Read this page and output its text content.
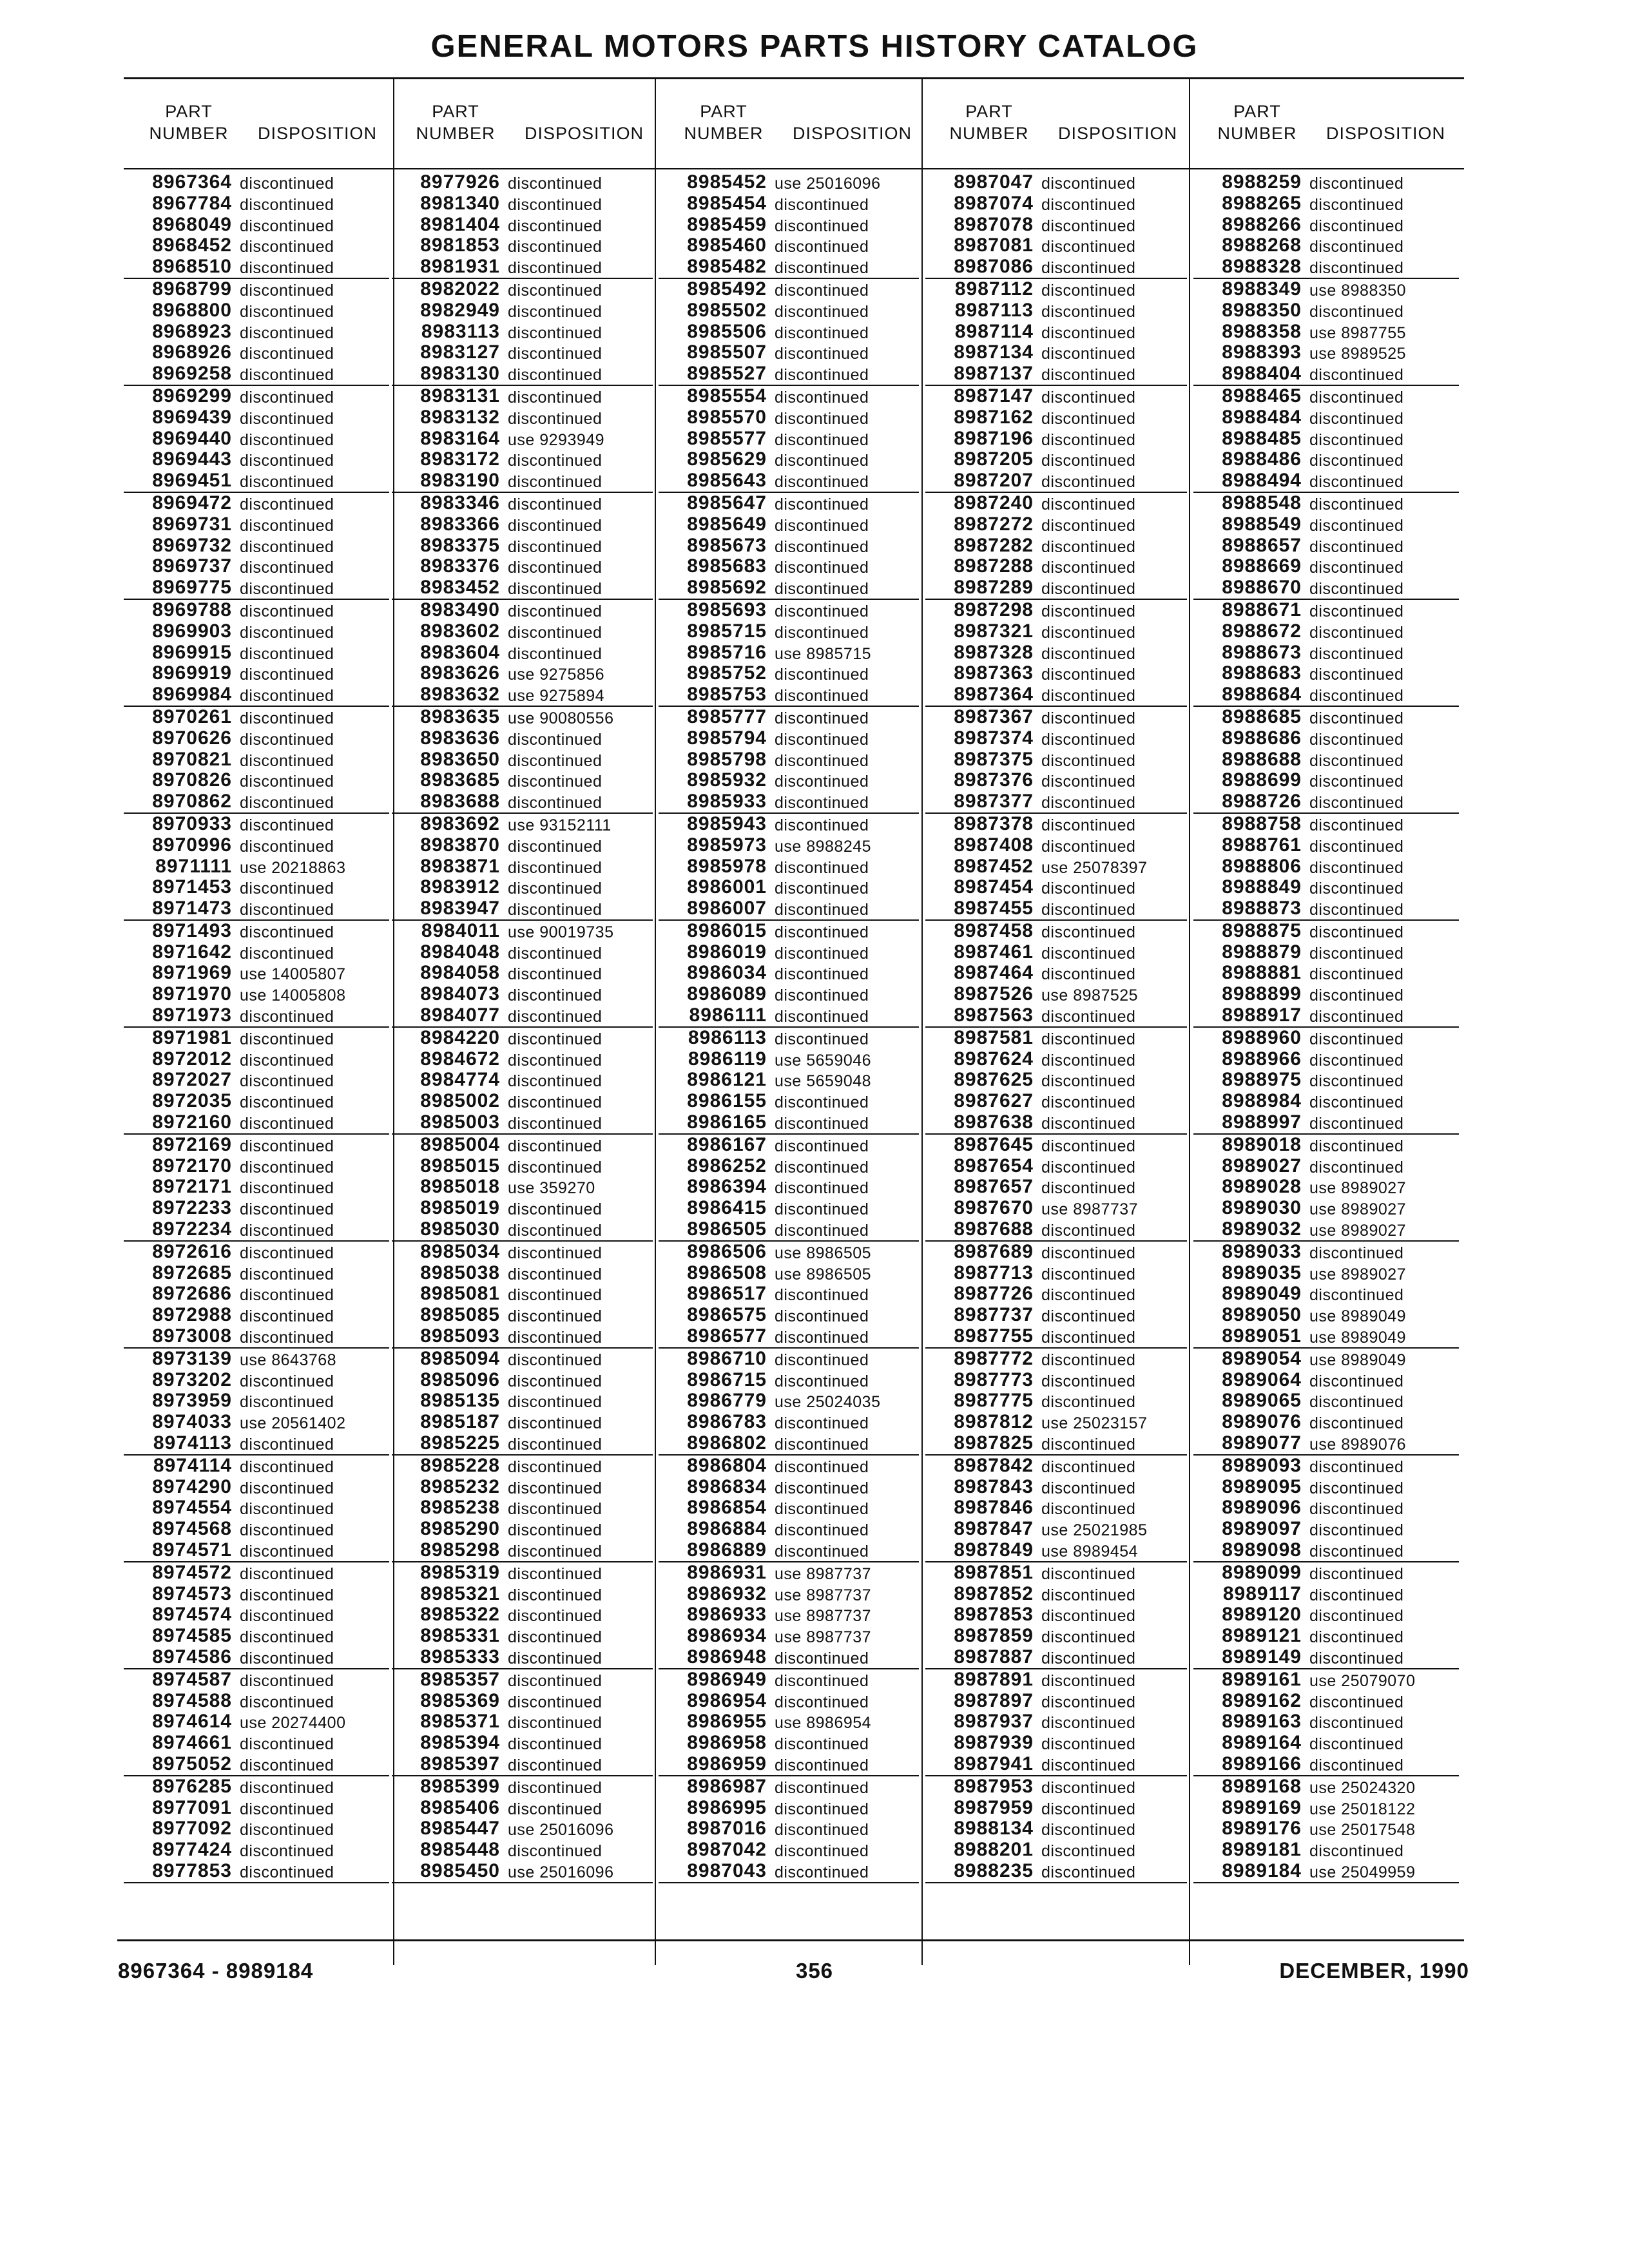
GENERAL MOTORS PARTS HISTORY CATALOG
PART
NUMBER	DISPOSITION
PART
NUMBER	DISPOSITION
PART
NUMBER	DISPOSITION
PART
NUMBER	DISPOSITION
PART
NUMBER	DISPOSITION
8967364 discontinued
8967784 discontinued
8968049 discontinued
8968452 discontinued
8968510 discontinued
8968799 discontinued
8968800 discontinued
8968923 discontinued
8968926 discontinued
8969258 discontinued
8969299 discontinued
8969439 discontinued
8969440 discontinued
8969443 discontinued
8969451 discontinued
8969472 discontinued
8969731 discontinued
8969732 discontinued
8969737 discontinued
8969775 discontinued
8969788 discontinued
8969903 discontinued
8969915 discontinued
8969919 discontinued
8969984 discontinued
8970261 discontinued
8970626 discontinued
8970821 discontinued
8970826 discontinued
8970862 discontinued
8970933 discontinued
8970996 discontinued
8971111 use 20218863
8971453 discontinued
8971473 discontinued
8971493 discontinued
8971642 discontinued
8971969 use 14005807
8971970 use 14005808
8971973 discontinued
8971981 discontinued
8972012 discontinued
8972027 discontinued
8972035 discontinued
8972160 discontinued
8972169 discontinued
8972170 discontinued
8972171 discontinued
8972233 discontinued
8972234 discontinued
8972616 discontinued
8972685 discontinued
8972686 discontinued
8972988 discontinued
8973008 discontinued
8973139 use 8643768
8973202 discontinued
8973959 discontinued
8974033 use 20561402
8974113 discontinued
8974114 discontinued
8974290 discontinued
8974554 discontinued
8974568 discontinued
8974571 discontinued
8974572 discontinued
8974573 discontinued
8974574 discontinued
8974585 discontinued
8974586 discontinued
8974587 discontinued
8974588 discontinued
8974614 use 20274400
8974661 discontinued
8975052 discontinued
8976285 discontinued
8977091 discontinued
8977092 discontinued
8977424 discontinued
8977853 discontinued
8977926 discontinued
8981340 discontinued
8981404 discontinued
8981853 discontinued
8981931 discontinued
8982022 discontinued
8982949 discontinued
8983113 discontinued
8983127 discontinued
8983130 discontinued
8983131 discontinued
8983132 discontinued
8983164 use 9293949
8983172 discontinued
8983190 discontinued
8983346 discontinued
8983366 discontinued
8983375 discontinued
8983376 discontinued
8983452 discontinued
8983490 discontinued
8983602 discontinued
8983604 discontinued
8983626 use 9275856
8983632 use 9275894
8983635 use 90080556
8983636 discontinued
8983650 discontinued
8983685 discontinued
8983688 discontinued
8983692 use 93152111
8983870 discontinued
8983871 discontinued
8983912 discontinued
8983947 discontinued
8984011 use 90019735
8984048 discontinued
8984058 discontinued
8984073 discontinued
8984077 discontinued
8984220 discontinued
8984672 discontinued
8984774 discontinued
8985002 discontinued
8985003 discontinued
8985004 discontinued
8985015 discontinued
8985018 use 359270
8985019 discontinued
8985030 discontinued
8985034 discontinued
8985038 discontinued
8985081 discontinued
8985085 discontinued
8985093 discontinued
8985094 discontinued
8985096 discontinued
8985135 discontinued
8985187 discontinued
8985225 discontinued
8985228 discontinued
8985232 discontinued
8985238 discontinued
8985290 discontinued
8985298 discontinued
8985319 discontinued
8985321 discontinued
8985322 discontinued
8985331 discontinued
8985333 discontinued
8985357 discontinued
8985369 discontinued
8985371 discontinued
8985394 discontinued
8985397 discontinued
8985399 discontinued
8985406 discontinued
8985447 use 25016096
8985448 discontinued
8985450 use 25016096
8985452 use 25016096
8985454 discontinued
8985459 discontinued
8985460 discontinued
8985482 discontinued
8985492 discontinued
8985502 discontinued
8985506 discontinued
8985507 discontinued
8985527 discontinued
8985554 discontinued
8985570 discontinued
8985577 discontinued
8985629 discontinued
8985643 discontinued
8985647 discontinued
8985649 discontinued
8985673 discontinued
8985683 discontinued
8985692 discontinued
8985693 discontinued
8985715 discontinued
8985716 use 8985715
8985752 discontinued
8985753 discontinued
8985777 discontinued
8985794 discontinued
8985798 discontinued
8985932 discontinued
8985933 discontinued
8985943 discontinued
8985973 use 8988245
8985978 discontinued
8986001 discontinued
8986007 discontinued
8986015 discontinued
8986019 discontinued
8986034 discontinued
8986089 discontinued
8986111 discontinued
8986113 discontinued
8986119 use 5659046
8986121 use 5659048
8986155 discontinued
8986165 discontinued
8986167 discontinued
8986252 discontinued
8986394 discontinued
8986415 discontinued
8986505 discontinued
8986506 use 8986505
8986508 use 8986505
8986517 discontinued
8986575 discontinued
8986577 discontinued
8986710 discontinued
8986715 discontinued
8986779 use 25024035
8986783 discontinued
8986802 discontinued
8986804 discontinued
8986834 discontinued
8986854 discontinued
8986884 discontinued
8986889 discontinued
8986931 use 8987737
8986932 use 8987737
8986933 use 8987737
8986934 use 8987737
8986948 discontinued
8986949 discontinued
8986954 discontinued
8986955 use 8986954
8986958 discontinued
8986959 discontinued
8986987 discontinued
8986995 discontinued
8987016 discontinued
8987042 discontinued
8987043 discontinued
8987047 discontinued
8987074 discontinued
8987078 discontinued
8987081 discontinued
8987086 discontinued
8987112 discontinued
8987113 discontinued
8987114 discontinued
8987134 discontinued
8987137 discontinued
8987147 discontinued
8987162 discontinued
8987196 discontinued
8987205 discontinued
8987207 discontinued
8987240 discontinued
8987272 discontinued
8987282 discontinued
8987288 discontinued
8987289 discontinued
8987298 discontinued
8987321 discontinued
8987328 discontinued
8987363 discontinued
8987364 discontinued
8987367 discontinued
8987374 discontinued
8987375 discontinued
8987376 discontinued
8987377 discontinued
8987378 discontinued
8987408 discontinued
8987452 use 25078397
8987454 discontinued
8987455 discontinued
8987458 discontinued
8987461 discontinued
8987464 discontinued
8987526 use 8987525
8987563 discontinued
8987581 discontinued
8987624 discontinued
8987625 discontinued
8987627 discontinued
8987638 discontinued
8987645 discontinued
8987654 discontinued
8987657 discontinued
8987670 use 8987737
8987688 discontinued
8987689 discontinued
8987713 discontinued
8987726 discontinued
8987737 discontinued
8987755 discontinued
8987772 discontinued
8987773 discontinued
8987775 discontinued
8987812 use 25023157
8987825 discontinued
8987842 discontinued
8987843 discontinued
8987846 discontinued
8987847 use 25021985
8987849 use 8989454
8987851 discontinued
8987852 discontinued
8987853 discontinued
8987859 discontinued
8987887 discontinued
8987891 discontinued
8987897 discontinued
8987937 discontinued
8987939 discontinued
8987941 discontinued
8987953 discontinued
8987959 discontinued
8988134 discontinued
8988201 discontinued
8988235 discontinued
8988259 discontinued
8988265 discontinued
8988266 discontinued
8988268 discontinued
8988328 discontinued
8988349 use 8988350
8988350 discontinued
8988358 use 8987755
8988393 use 8989525
8988404 discontinued
8988465 discontinued
8988484 discontinued
8988485 discontinued
8988486 discontinued
8988494 discontinued
8988548 discontinued
8988549 discontinued
8988657 discontinued
8988669 discontinued
8988670 discontinued
8988671 discontinued
8988672 discontinued
8988673 discontinued
8988683 discontinued
8988684 discontinued
8988685 discontinued
8988686 discontinued
8988688 discontinued
8988699 discontinued
8988726 discontinued
8988758 discontinued
8988761 discontinued
8988806 discontinued
8988849 discontinued
8988873 discontinued
8988875 discontinued
8988879 discontinued
8988881 discontinued
8988899 discontinued
8988917 discontinued
8988960 discontinued
8988966 discontinued
8988975 discontinued
8988984 discontinued
8988997 discontinued
8989018 discontinued
8989027 discontinued
8989028 use 8989027
8989030 use 8989027
8989032 use 8989027
8989033 discontinued
8989035 use 8989027
8989049 discontinued
8989050 use 8989049
8989051 use 8989049
8989054 use 8989049
8989064 discontinued
8989065 discontinued
8989076 discontinued
8989077 use 8989076
8989093 discontinued
8989095 discontinued
8989096 discontinued
8989097 discontinued
8989098 discontinued
8989099 discontinued
8989117 discontinued
8989120 discontinued
8989121 discontinued
8989149 discontinued
8989161 use 25079070
8989162 discontinued
8989163 discontinued
8989164 discontinued
8989166 discontinued
8989168 use 25024320
8989169 use 25018122
8989176 use 25017548
8989181 discontinued
8989184 use 25049959
8967364 - 8989184	356	DECEMBER, 1990
